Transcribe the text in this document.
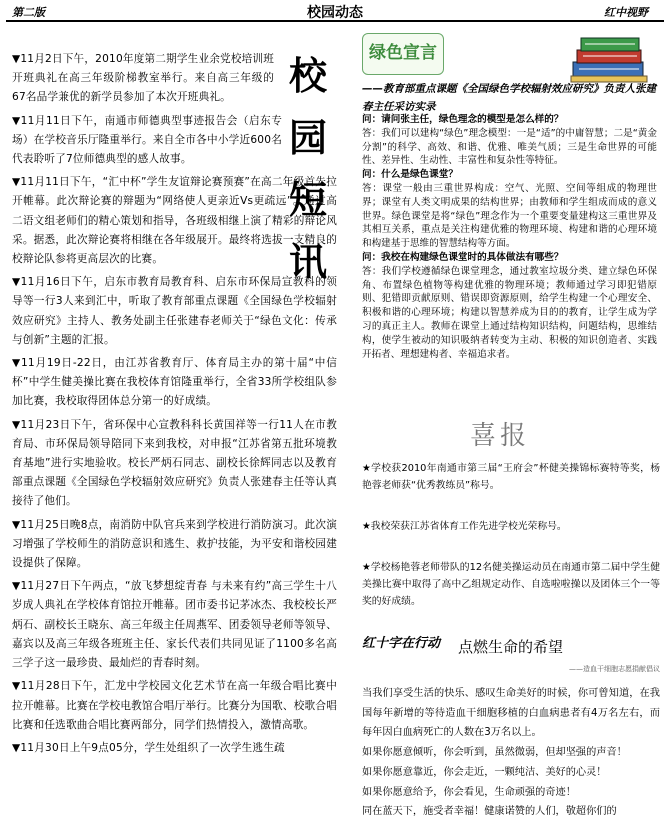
第二版	校园动态	红中视野
校
园
短
讯

▼11月2日下午，2010年度第二期学生业余党校培训班开班典礼在高三年级阶梯教室举行。来自高三年级的67名品学兼优的新学员参加了本次开班典礼。

▼11月11日下午，南通市师德典型事迹报告会（启东专场）在学校音乐厅隆重举行。来自全市各中小学近600名代表聆听了7位师德典型的感人故事。

▼11月11日下午，“汇中杯”学生友谊辩论赛预赛”在高二年级首先拉开帷幕。此次辩论赛的辩题为“网络使人更亲近Vs更疏远”。通过高二语文组老师们的精心策划和指导，各班级相继上演了精彩的辩论风采。据悉，此次辩论赛将相继在各年级展开。最终将选拔一支精良的校辩论队参将更高层次的比赛。

▼11月16日下午，启东市教育局教育科、启东市环保局宣教科的领导等一行3人来到汇中，听取了教育部重点课题《全国绿色学校辐射效应研究》主持人、教务处副主任张建春老师关于“绿色文化：传承与创新”主题的汇报。

▼11月19日-22日，由江苏省教育厅、体育局主办的第十届“中信杯”中学生健美操比赛在我校体育馆隆重举行，全省33所学校组队参加比赛，我校取得团体总分第一的好成绩。

▼11月23日下午，省环保中心宣教科科长黄国祥等一行11人在市教育局、市环保局领导陪同下来到我校，对申报“江苏省第五批环境教育基地”进行实地验收。校长严炳石同志、副校长徐辉同志以及教育部重点课题《全国绿色学校辐射效应研究》负责人张建春主任等认真接待了他们。

▼11月25日晚8点，南消防中队官兵来到学校进行消防演习。此次演习增强了学校师生的消防意识和逃生、救护技能，为平安和谐校园建设提供了保障。

▼11月27日下午两点，“放飞梦想绽青春 与未来有约”高三学生十八岁成人典礼在学校体育馆拉开帷幕。团市委书记茅冰杰、我校校长严炳石、副校长王晓东、高三年级主任周燕军、团委领导老师等领导、嘉宾以及高三年级各班班主任、家长代表们共同见证了1100多名高三学子这一最珍贵、最灿烂的青春时刻。

▼11月28日下午，汇龙中学校园文化艺术节在高一年级合唱比赛中拉开帷幕。比赛在学校电教馆合唱厅举行。比赛分为国歌、校歌合唱比赛和任选歌曲合唱比赛两部分，同学们热情投入，激情高歌。

▼11月30日上午9点05分，学生处组织了一次学生逃生疏

绿色宣言
——教育部重点课题《全国绿色学校辐射效应研究》负责人张建春主任采访实录

问：请问张主任，绿色理念的模型是怎么样的？

答：我们可以建构“绿色”理念模型：一是“适”的中庸智慧；二是“黄金分割”的科学、高效、和谐、优雅、唯美气质；三是生命世界的可能性、差异性、生动性、丰富性和复杂性等特征。

问：什么是绿色课堂？

答：课堂一般由三重世界构成：空气、光照、空间等组成的物理世界；课堂有人类文明成果的结构世界；由教师和学生组成而成的意义世界。绿色课堂是将“绿色”理念作为一个重要变量建构这三重世界及其相互关系，重点是关注构建优雅的物理环境、构建和谐的心理环境和构建基于思维的智慧结构等方面。

问：我校在构建绿色课堂时的具体做法有哪些？

答：我们学校遵循绿色课堂理念，通过教室垃圾分类、建立绿色环保角、布置绿色植物等构建优雅的物理环境；教师通过学习即犯错原则、犯错即贡献原则、错误即资源原则，给学生构建一个心理安全、积极和谐的心理环境；构建以智慧养成为目的的教育，让学生成为学习的真正主人。教师在课堂上通过结构知识结构，问题结构，思维结构，使学生被动的知识吸纳者转变为主动、积极的知识创造者、实践开拓者、理想建构者、幸福追求者。

喜报

★学校获2010年南通市第三届“王府会”杯健美操锦标赛特等奖，杨艳蓉老师获“优秀教练员”称号。

★我校荣获江苏省体育工作先进学校光荣称号。

★学校杨艳蓉老师带队的12名健美操运动员在南通市第二届中学生健美操比赛中取得了高中乙组规定动作、自选啦啦操以及团体三个一等奖的好成绩。

红十字在行动 点燃生命的希望
——造血干细胞志愿捐献倡议

当我们享受生活的快乐、感叹生命美好的时候，你可曾知道，在我国每年新增的等待造血干细胞移植的白血病患者有4万名左右，而每年因白血病死亡的人数在3万名以上。

如果你愿意倾听，你会听到，虽然微弱，但却坚强的声音！

如果你愿意靠近，你会走近，一颗纯洁、美好的心灵！

如果你愿意给予，你会看见，生命顽强的奇迹！

同在蓝天下，施受者幸福！健康诺赞的人们，敬超你们的
